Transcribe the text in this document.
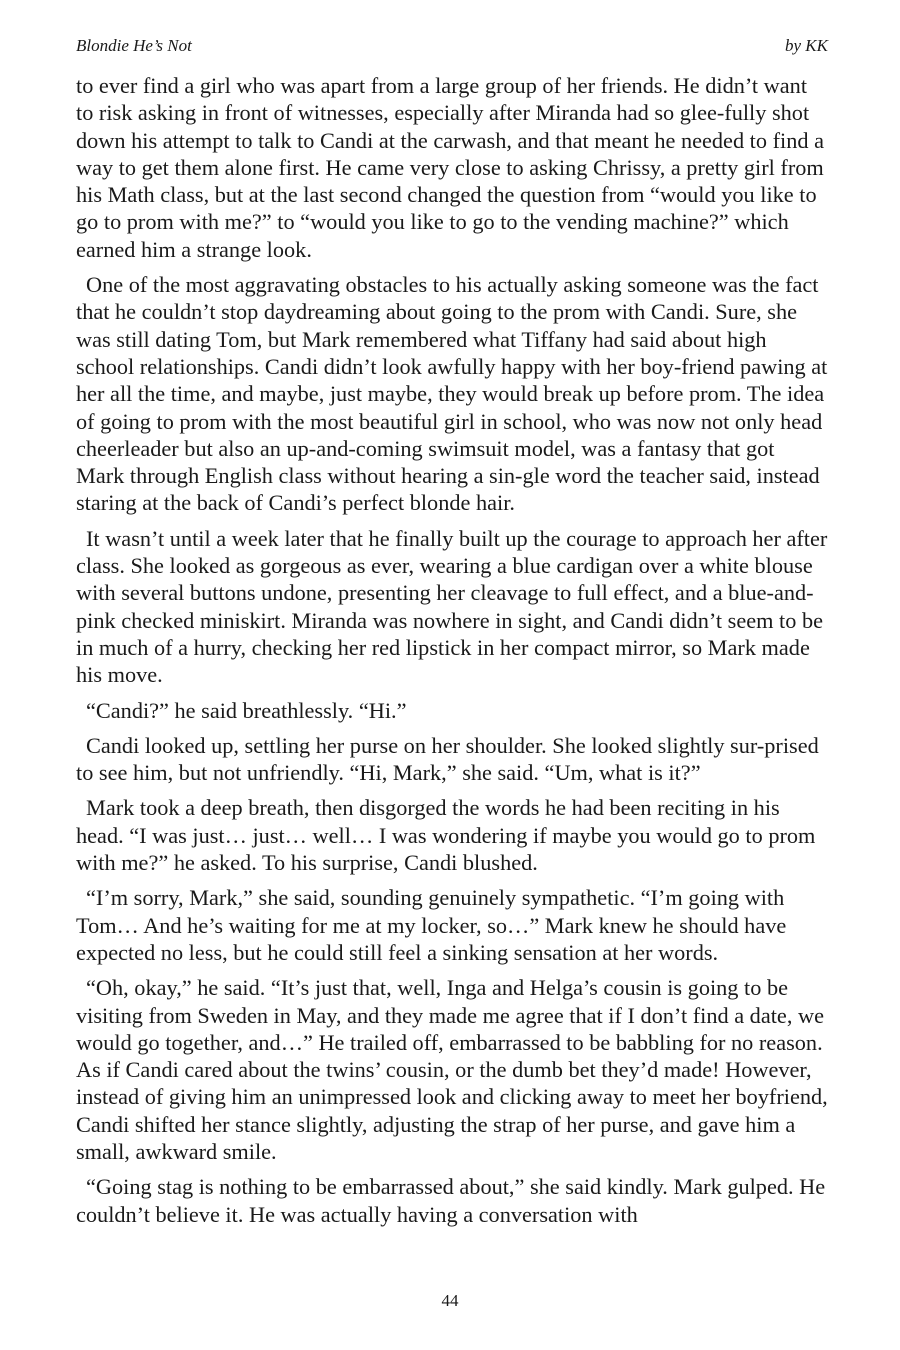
Blondie He’s Not	by KK

to ever find a girl who was apart from a large group of her friends. He didn’t want to risk asking in front of witnesses, especially after Miranda had so glee-fully shot down his attempt to talk to Candi at the carwash, and that meant he needed to find a way to get them alone first. He came very close to asking Chrissy, a pretty girl from his Math class, but at the last second changed the question from “would you like to go to prom with me?” to “would you like to go to the vending machine?” which earned him a strange look.

One of the most aggravating obstacles to his actually asking someone was the fact that he couldn’t stop daydreaming about going to the prom with Candi. Sure, she was still dating Tom, but Mark remembered what Tiffany had said about high school relationships. Candi didn’t look awfully happy with her boy-friend pawing at her all the time, and maybe, just maybe, they would break up before prom. The idea of going to prom with the most beautiful girl in school, who was now not only head cheerleader but also an up-and-coming swimsuit model, was a fantasy that got Mark through English class without hearing a sin-gle word the teacher said, instead staring at the back of Candi’s perfect blonde hair.

It wasn’t until a week later that he finally built up the courage to approach her after class. She looked as gorgeous as ever, wearing a blue cardigan over a white blouse with several buttons undone, presenting her cleavage to full effect, and a blue-and-pink checked miniskirt. Miranda was nowhere in sight, and Candi didn’t seem to be in much of a hurry, checking her red lipstick in her compact mirror, so Mark made his move.

“Candi?” he said breathlessly. “Hi.”

Candi looked up, settling her purse on her shoulder. She looked slightly sur-prised to see him, but not unfriendly. “Hi, Mark,” she said. “Um, what is it?”

Mark took a deep breath, then disgorged the words he had been reciting in his head. “I was just… just… well… I was wondering if maybe you would go to prom with me?” he asked. To his surprise, Candi blushed.

“I’m sorry, Mark,” she said, sounding genuinely sympathetic. “I’m going with Tom… And he’s waiting for me at my locker, so…” Mark knew he should have expected no less, but he could still feel a sinking sensation at her words.

“Oh, okay,” he said. “It’s just that, well, Inga and Helga’s cousin is going to be visiting from Sweden in May, and they made me agree that if I don’t find a date, we would go together, and…” He trailed off, embarrassed to be babbling for no reason. As if Candi cared about the twins’ cousin, or the dumb bet they’d made! However, instead of giving him an unimpressed look and clicking away to meet her boyfriend, Candi shifted her stance slightly, adjusting the strap of her purse, and gave him a small, awkward smile.

“Going stag is nothing to be embarrassed about,” she said kindly. Mark gulped. He couldn’t believe it. He was actually having a conversation with

44
